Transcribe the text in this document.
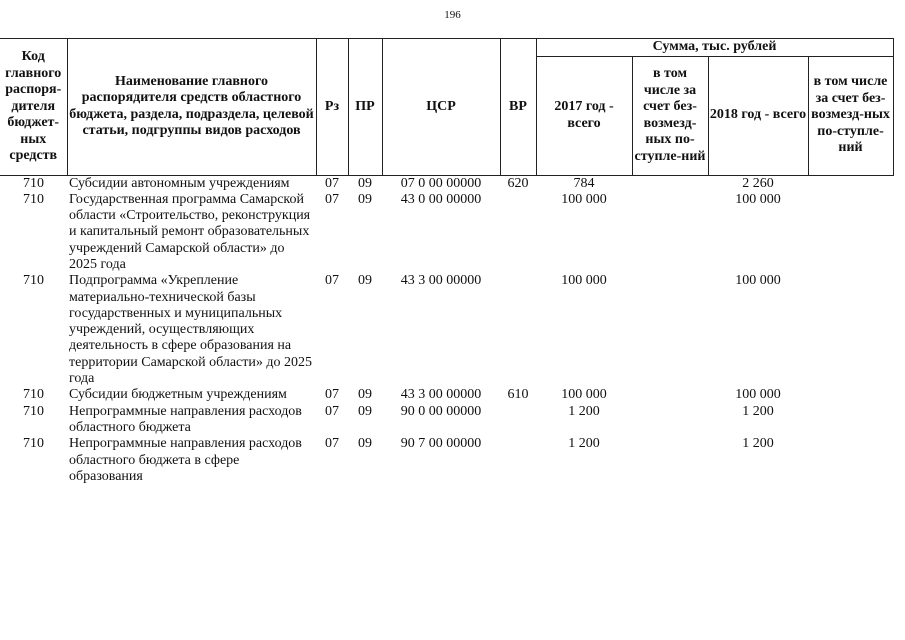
196
Код главного распоря-дителя бюджет-ных средств	Наименование главного распорядителя средств областного бюджета, раздела, подраздела, целевой статьи, подгруппы видов расходов	Рз	ПР	ЦСР	ВР	Сумма, тыс. рублей			
						2017 год - всего	в том числе за счет без-возмезд-ных по-ступле-ний	2018 год - всего	в том числе за счет без-возмезд-ных по-ступле-ний
710	Субсидии автономным учреждениям	07	09	07 0 00 00000	620	784		2 260	
710	Государственная программа Самарской области «Строительство, реконструкция и капитальный ремонт образовательных учреждений Самарской области» до 2025 года	07	09	43 0 00 00000		100 000		100 000	
710	Подпрограмма «Укрепление материально-технической базы государственных и муниципальных учреждений, осуществляющих деятельность в сфере образования на территории Самарской области» до 2025 года	07	09	43 3 00 00000		100 000		100 000	
710	Субсидии бюджетным учреждениям	07	09	43 3 00 00000	610	100 000		100 000	
710	Непрограммные направления расходов областного бюджета	07	09	90 0 00 00000		1 200		1 200	
710	Непрограммные направления расходов областного бюджета в сфере образования	07	09	90 7 00 00000		1 200		1 200	
